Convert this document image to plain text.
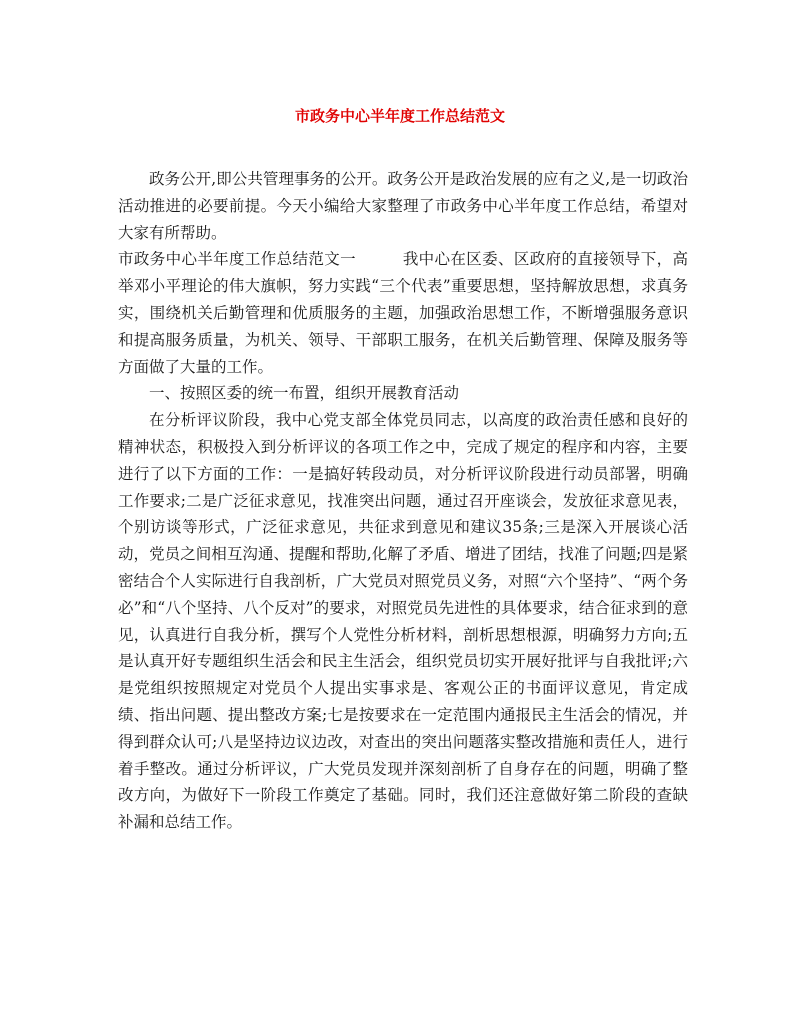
市政务中心半年度工作总结范文

政务公开,即公共管理事务的公开。政务公开是政治发展的应有之义,是一切政治活动推进的必要前提。今天小编给大家整理了市政务中心半年度工作总结，希望对大家有所帮助。

市政务中心半年度工作总结范文一	我中心在区委、区政府的直接领导下，高举邓小平理论的伟大旗帜，努力实践“三个代表”重要思想，坚持解放思想，求真务实，围绕机关后勤管理和优质服务的主题，加强政治思想工作，不断增强服务意识和提高服务质量，为机关、领导、干部职工服务，在机关后勤管理、保障及服务等方面做了大量的工作。

一、按照区委的统一布置，组织开展教育活动

在分析评议阶段，我中心党支部全体党员同志，以高度的政治责任感和良好的精神状态，积极投入到分析评议的各项工作之中，完成了规定的程序和内容，主要进行了以下方面的工作：一是搞好转段动员，对分析评议阶段进行动员部署，明确工作要求;二是广泛征求意见，找准突出问题，通过召开座谈会，发放征求意见表，个别访谈等形式，广泛征求意见，共征求到意见和建议35条;三是深入开展谈心活动，党员之间相互沟通、提醒和帮助,化解了矛盾、增进了团结，找准了问题;四是紧密结合个人实际进行自我剖析，广大党员对照党员义务，对照“六个坚持”、“两个务必”和“八个坚持、八个反对”的要求，对照党员先进性的具体要求，结合征求到的意见，认真进行自我分析，撰写个人党性分析材料，剖析思想根源，明确努力方向;五是认真开好专题组织生活会和民主生活会，组织党员切实开展好批评与自我批评;六是党组织按照规定对党员个人提出实事求是、客观公正的书面评议意见，肯定成绩、指出问题、提出整改方案;七是按要求在一定范围内通报民主生活会的情况，并得到群众认可;八是坚持边议边改，对查出的突出问题落实整改措施和责任人，进行着手整改。通过分析评议，广大党员发现并深刻剖析了自身存在的问题，明确了整改方向，为做好下一阶段工作奠定了基础。同时，我们还注意做好第二阶段的查缺补漏和总结工作。
